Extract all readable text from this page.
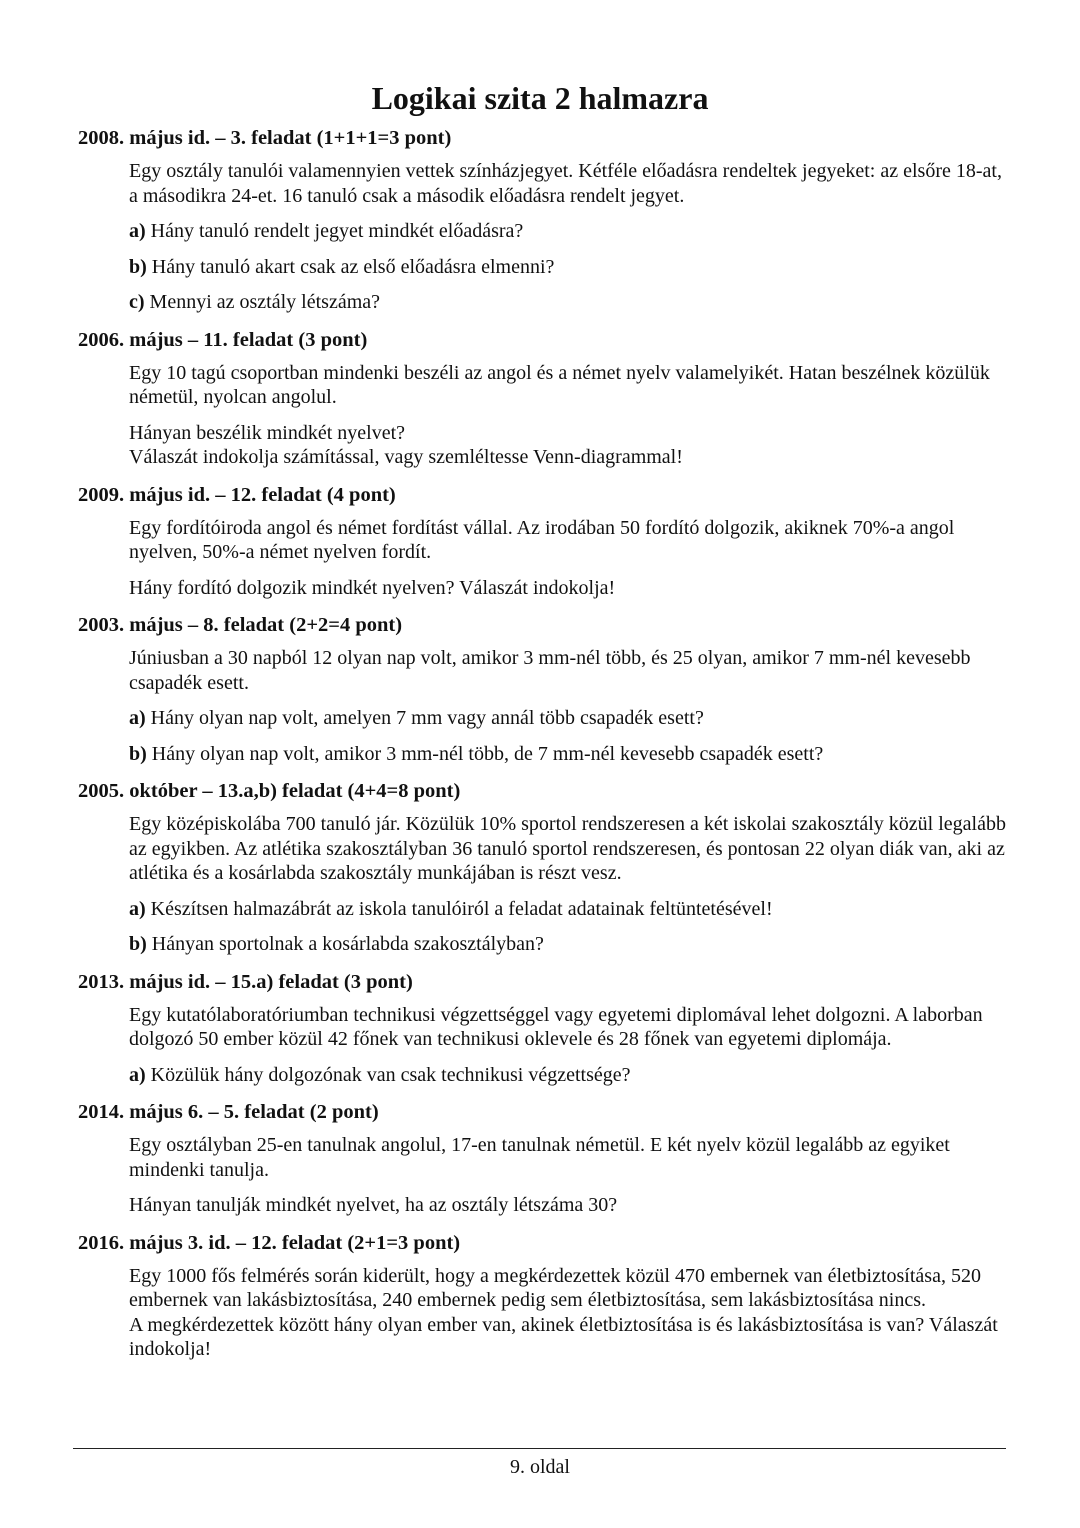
Logikai szita 2 halmazra
2008. május id. – 3. feladat (1+1+1=3 pont)
Egy osztály tanulói valamennyien vettek színházjegyet. Kétféle előadásra rendeltek jegyeket: az elsőre 18-at, a másodikra 24-et. 16 tanuló csak a második előadásra rendelt jegyet.
a) Hány tanuló rendelt jegyet mindkét előadásra?
b) Hány tanuló akart csak az első előadásra elmenni?
c) Mennyi az osztály létszáma?
2006. május – 11. feladat (3 pont)
Egy 10 tagú csoportban mindenki beszéli az angol és a német nyelv valamelyikét. Hatan beszélnek közülük németül, nyolcan angolul.
Hányan beszélik mindkét nyelvet?
Válaszát indokolja számítással, vagy szemléltesse Venn-diagrammal!
2009. május id. – 12. feladat (4 pont)
Egy fordítóiroda angol és német fordítást vállal. Az irodában 50 fordító dolgozik, akiknek 70%-a angol nyelven, 50%-a német nyelven fordít.
Hány fordító dolgozik mindkét nyelven? Válaszát indokolja!
2003. május – 8. feladat (2+2=4 pont)
Júniusban a 30 napból 12 olyan nap volt, amikor 3 mm-nél több, és 25 olyan, amikor 7 mm-nél kevesebb csapadék esett.
a) Hány olyan nap volt, amelyen 7 mm vagy annál több csapadék esett?
b) Hány olyan nap volt, amikor 3 mm-nél több, de 7 mm-nél kevesebb csapadék esett?
2005. október – 13.a,b) feladat (4+4=8 pont)
Egy középiskolába 700 tanuló jár. Közülük 10% sportol rendszeresen a két iskolai szakosztály közül legalább az egyikben. Az atlétika szakosztályban 36 tanuló sportol rendszeresen, és pontosan 22 olyan diák van, aki az atlétika és a kosárlabda szakosztály munkájában is részt vesz.
a) Készítsen halmazábrát az iskola tanulóiról a feladat adatainak feltüntetésével!
b) Hányan sportolnak a kosárlabda szakosztályban?
2013. május id. – 15.a) feladat (3 pont)
Egy kutatólaboratóriumban technikusi végzettséggel vagy egyetemi diplomával lehet dolgozni. A laborban dolgozó 50 ember közül 42 főnek van technikusi oklevele és 28 főnek van egyetemi diplomája.
a) Közülük hány dolgozónak van csak technikusi végzettsége?
2014. május 6. – 5. feladat (2 pont)
Egy osztályban 25-en tanulnak angolul, 17-en tanulnak németül. E két nyelv közül legalább az egyiket mindenki tanulja.
Hányan tanulják mindkét nyelvet, ha az osztály létszáma 30?
2016. május 3. id. – 12. feladat (2+1=3 pont)
Egy 1000 fős felmérés során kiderült, hogy a megkérdezettek közül 470 embernek van életbiztosítása, 520 embernek van lakásbiztosítása, 240 embernek pedig sem életbiztosítása, sem lakásbiztosítása nincs.
A megkérdezettek között hány olyan ember van, akinek életbiztosítása is és lakásbiztosítása is van? Válaszát indokolja!
9. oldal
